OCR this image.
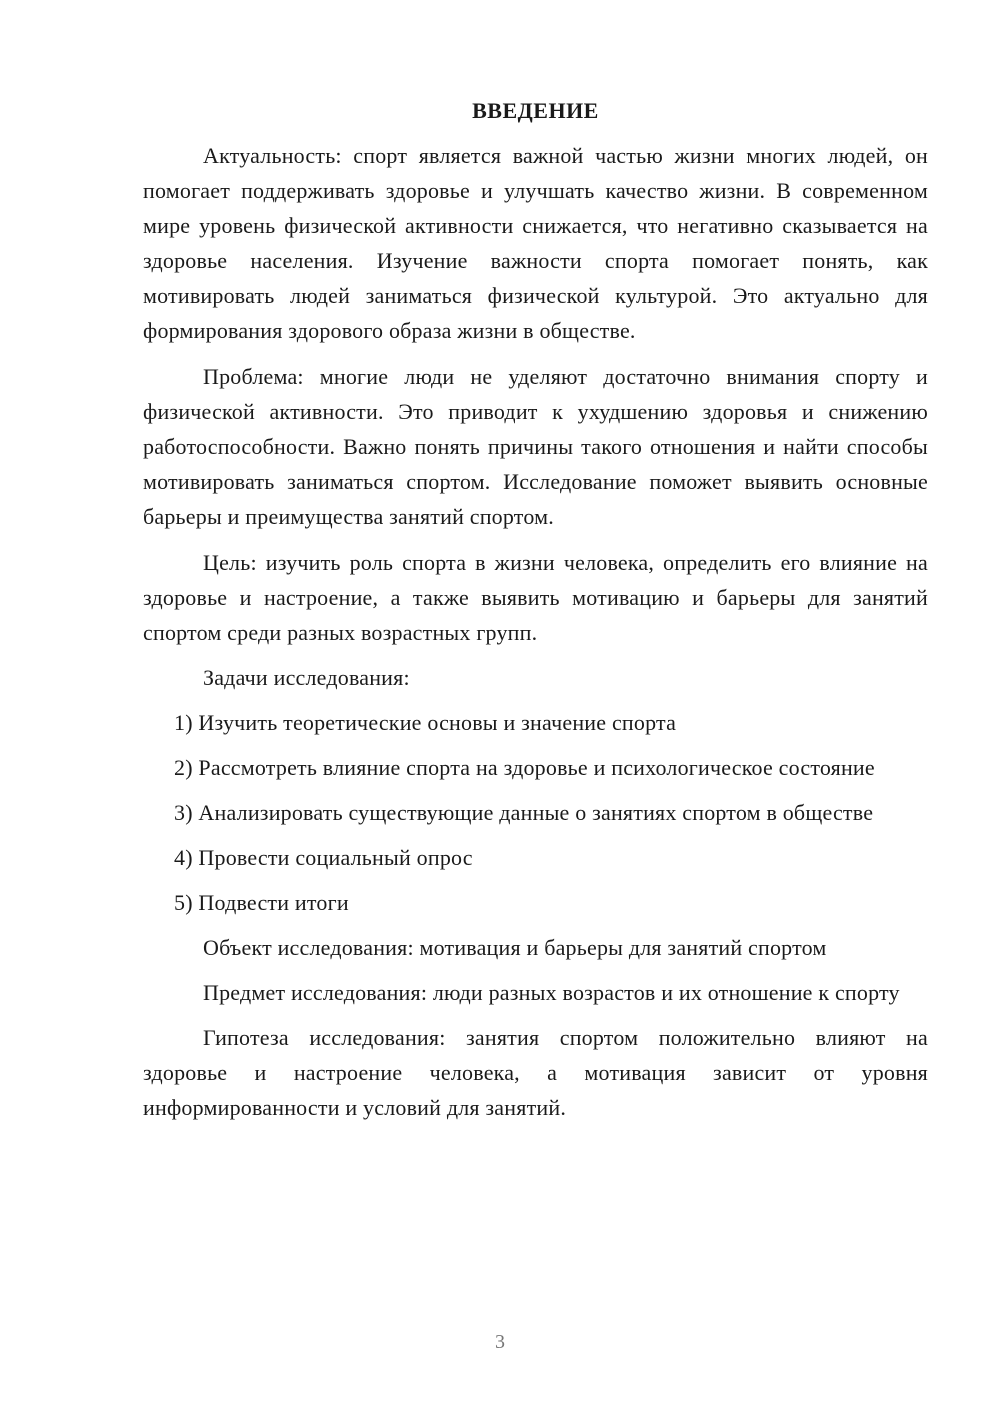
ВВЕДЕНИЕ

Актуальность: спорт является важной частью жизни многих людей, он помогает поддерживать здоровье и улучшать качество жизни. В современном мире уровень физической активности снижается, что негативно сказывается на здоровье населения. Изучение важности спорта помогает понять, как мотивировать людей заниматься физической культурой. Это актуально для формирования здорового образа жизни в обществе.

Проблема: многие люди не уделяют достаточно внимания спорту и физической активности. Это приводит к ухудшению здоровья и снижению работоспособности. Важно понять причины такого отношения и найти способы мотивировать заниматься спортом. Исследование поможет выявить основные барьеры и преимущества занятий спортом.

Цель: изучить роль спорта в жизни человека, определить его влияние на здоровье и настроение, а также выявить мотивацию и барьеры для занятий спортом среди разных возрастных групп.

Задачи исследования:

1) Изучить теоретические основы и значение спорта

2) Рассмотреть влияние спорта на здоровье и психологическое состояние

3) Анализировать существующие данные о занятиях спортом в обществе

4) Провести социальный опрос

5) Подвести итоги

Объект исследования: мотивация и барьеры для занятий спортом

Предмет исследования: люди разных возрастов и их отношение к спорту

Гипотеза исследования: занятия спортом положительно влияют на здоровье и настроение человека, а мотивация зависит от уровня информированности и условий для занятий.

3
